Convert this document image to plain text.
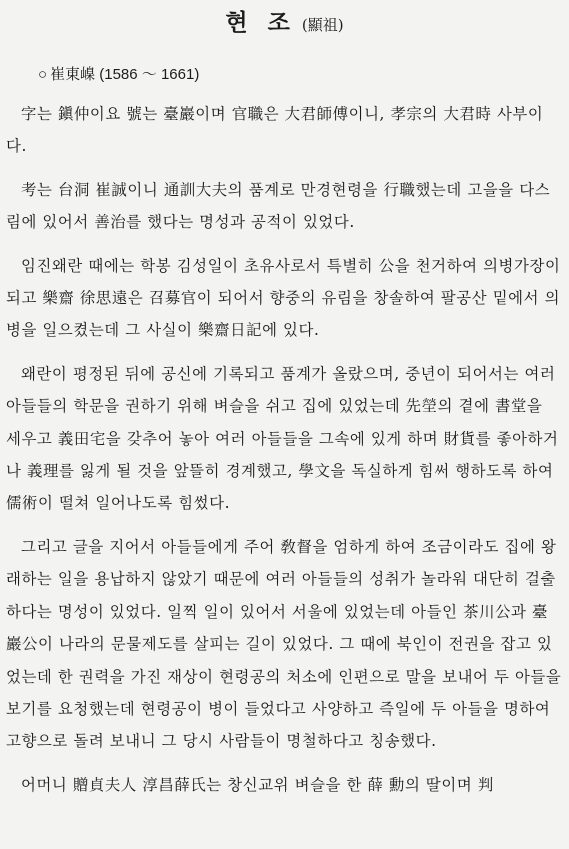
현 조 (顯祖)
○ 崔東嵲 (1586 ～ 1661)

字는 鎭仲이요 號는 臺巖이며 官職은 大君師傅이니, 孝宗의 大君時 사부이다.

考는 台洞 崔誠이니 通訓大夫의 품계로 만경현령을 行職했는데 고을을 다스림에 있어서 善治를 했다는 명성과 공적이 있었다.

임진왜란 때에는 학봉 김성일이 초유사로서 특별히 公을 천거하여 의병가장이 되고 樂齋 徐思遠은 召募官이 되어서 향중의 유림을 창솔하여 팔공산 밑에서 의병을 일으켰는데 그 사실이 樂齋日記에 있다.

왜란이 평정된 뒤에 공신에 기록되고 품계가 올랐으며, 중년이 되어서는 여러 아들들의 학문을 권하기 위해 벼슬을 쉬고 집에 있었는데 先塋의 곁에 書堂을 세우고 義田宅을 갖추어 놓아 여러 아들들을 그속에 있게 하며 財貨를 좋아하거나 義理를 잃게 될 것을 앞뜰히 경계했고, 學文을 독실하게 힘써 행하도록 하여 儒術이 떨쳐 일어나도록 힘썼다.

그리고 글을 지어서 아들들에게 주어 敎督을 엄하게 하여 조금이라도 집에 왕래하는 일을 용납하지 않았기 때문에 여러 아들들의 성취가 놀라워 대단히 걸출하다는 명성이 있었다. 일찍 일이 있어서 서울에 있었는데 아들인 茶川公과 臺巖公이 나라의 문물제도를 살피는 길이 있었다. 그 때에 북인이 전권을 잡고 있었는데 한 권력을 가진 재상이 현령공의 처소에 인편으로 말을 보내어 두 아들을 보기를 요청했는데 현령공이 병이 들었다고 사양하고 즉일에 두 아들을 명하여 고향으로 돌려 보내니 그 당시 사람들이 명철하다고 칭송했다.

어머니 贈貞夫人 淳昌薛氏는 창신교위 벼슬을 한 薛 勳의 딸이며 判
